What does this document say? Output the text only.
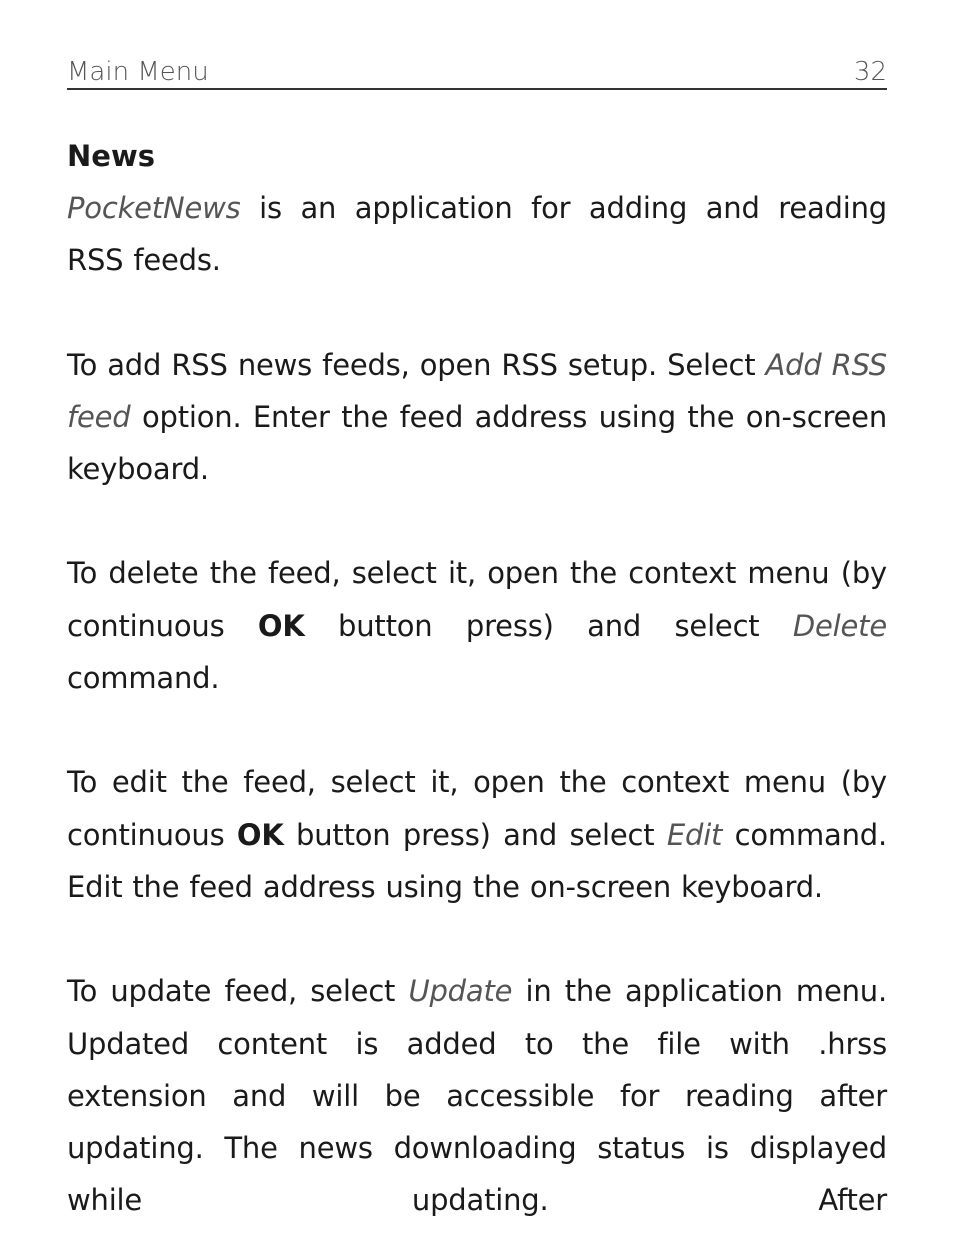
Main Menu	32
News

PocketNews is an application for adding and reading RSS feeds.

To add RSS news feeds, open RSS setup. Select Add RSS feed option. Enter the feed address using the on-screen keyboard.

To delete the feed, select it, open the context menu (by continuous OK button press) and select Delete command.

To edit the feed, select it, open the context menu (by continuous OK button press) and select Edit command. Edit the feed address using the on-screen keyboard.

To update feed, select Update in the application menu. Updated content is added to the file with .hrss extension and will be accessible for reading after updating. The news downloading status is displayed while updating. After
